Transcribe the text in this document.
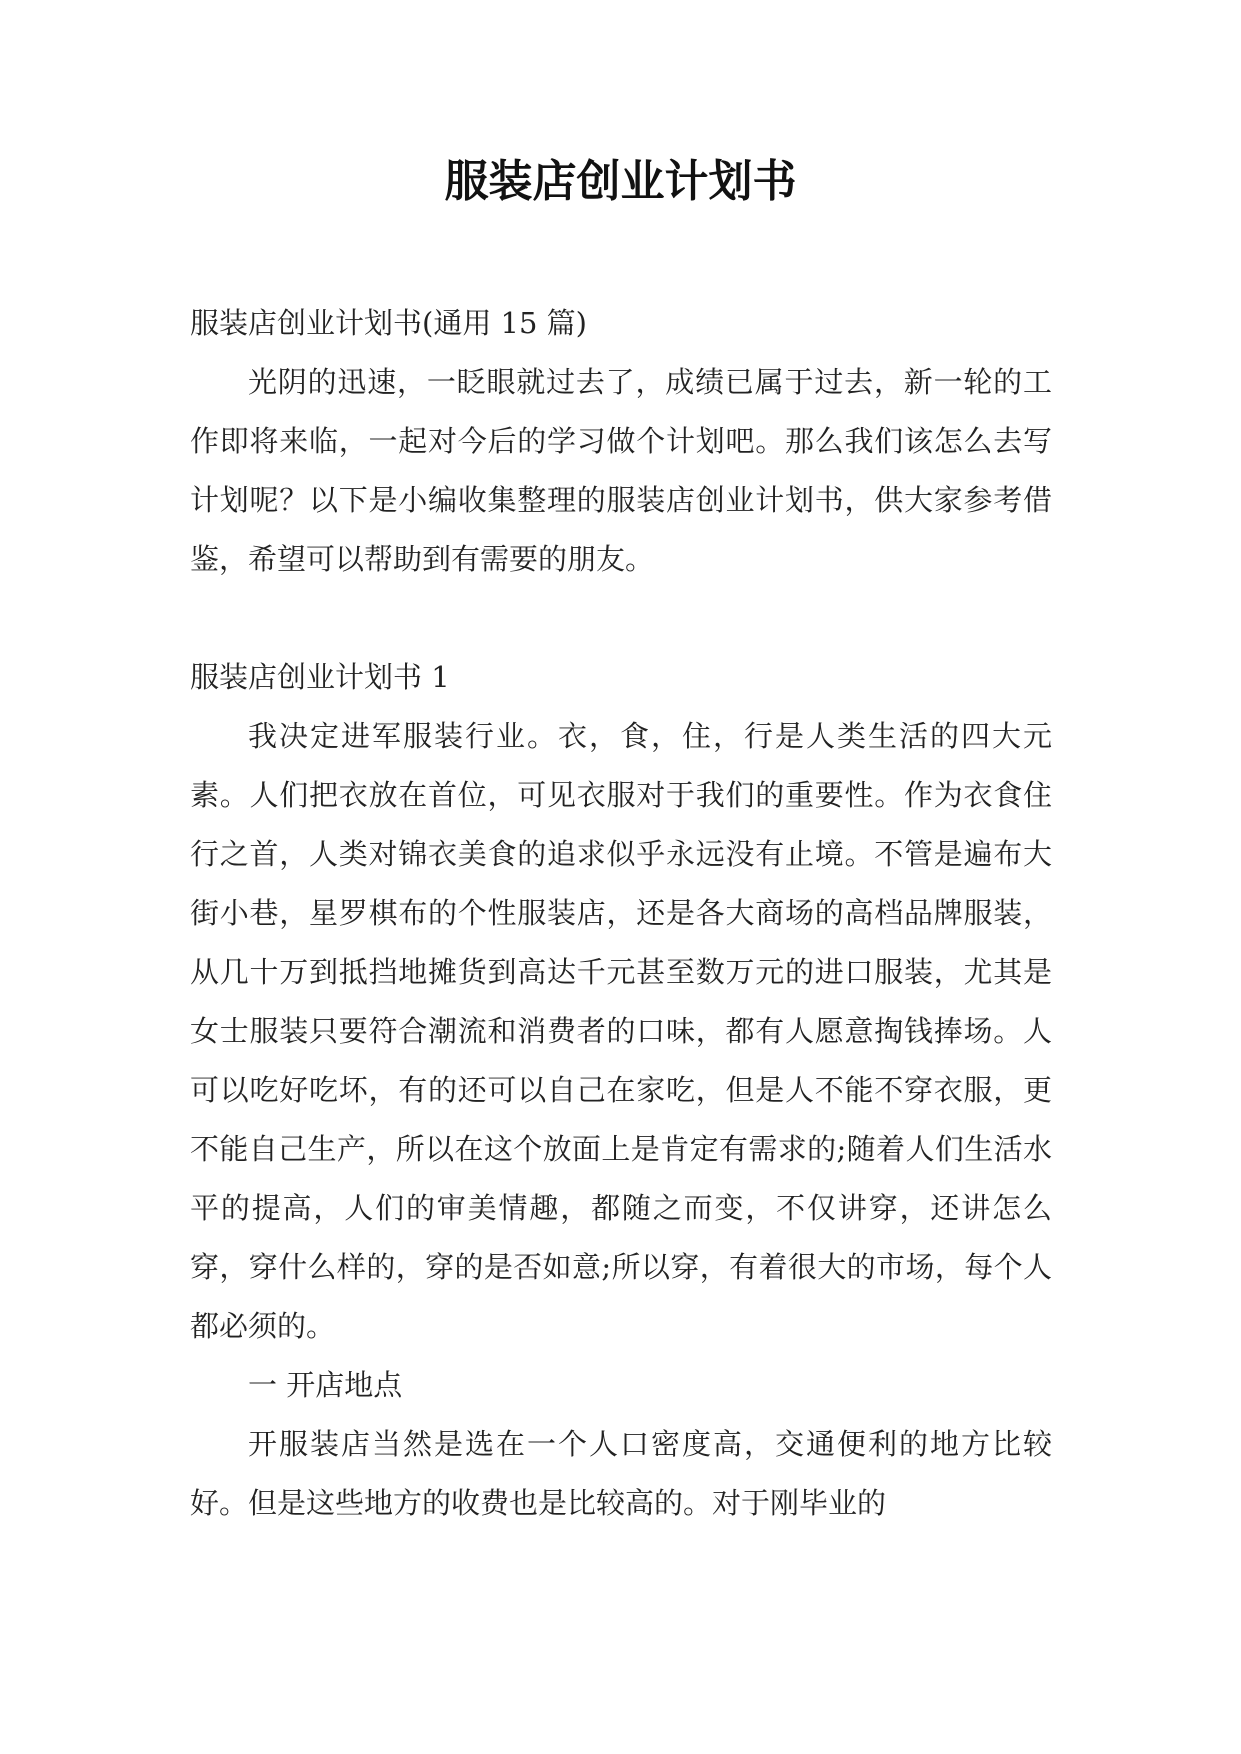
服装店创业计划书

服装店创业计划书(通用 15 篇)

光阴的迅速，一眨眼就过去了，成绩已属于过去，新一轮的工作即将来临，一起对今后的学习做个计划吧。那么我们该怎么去写计划呢？以下是小编收集整理的服装店创业计划书，供大家参考借鉴，希望可以帮助到有需要的朋友。

服装店创业计划书 1

我决定进军服装行业。衣，食，住，行是人类生活的四大元素。人们把衣放在首位，可见衣服对于我们的重要性。作为衣食住行之首，人类对锦衣美食的追求似乎永远没有止境。不管是遍布大街小巷，星罗棋布的个性服装店，还是各大商场的高档品牌服装，从几十万到抵挡地摊货到高达千元甚至数万元的进口服装，尤其是女士服装只要符合潮流和消费者的口味，都有人愿意掏钱捧场。人可以吃好吃坏，有的还可以自己在家吃，但是人不能不穿衣服，更不能自己生产，所以在这个放面上是肯定有需求的;随着人们生活水平的提高，人们的审美情趣，都随之而变，不仅讲穿，还讲怎么穿，穿什么样的，穿的是否如意;所以穿，有着很大的市场，每个人都必须的。

一 开店地点

开服装店当然是选在一个人口密度高，交通便利的地方比较好。但是这些地方的收费也是比较高的。对于刚毕业的
